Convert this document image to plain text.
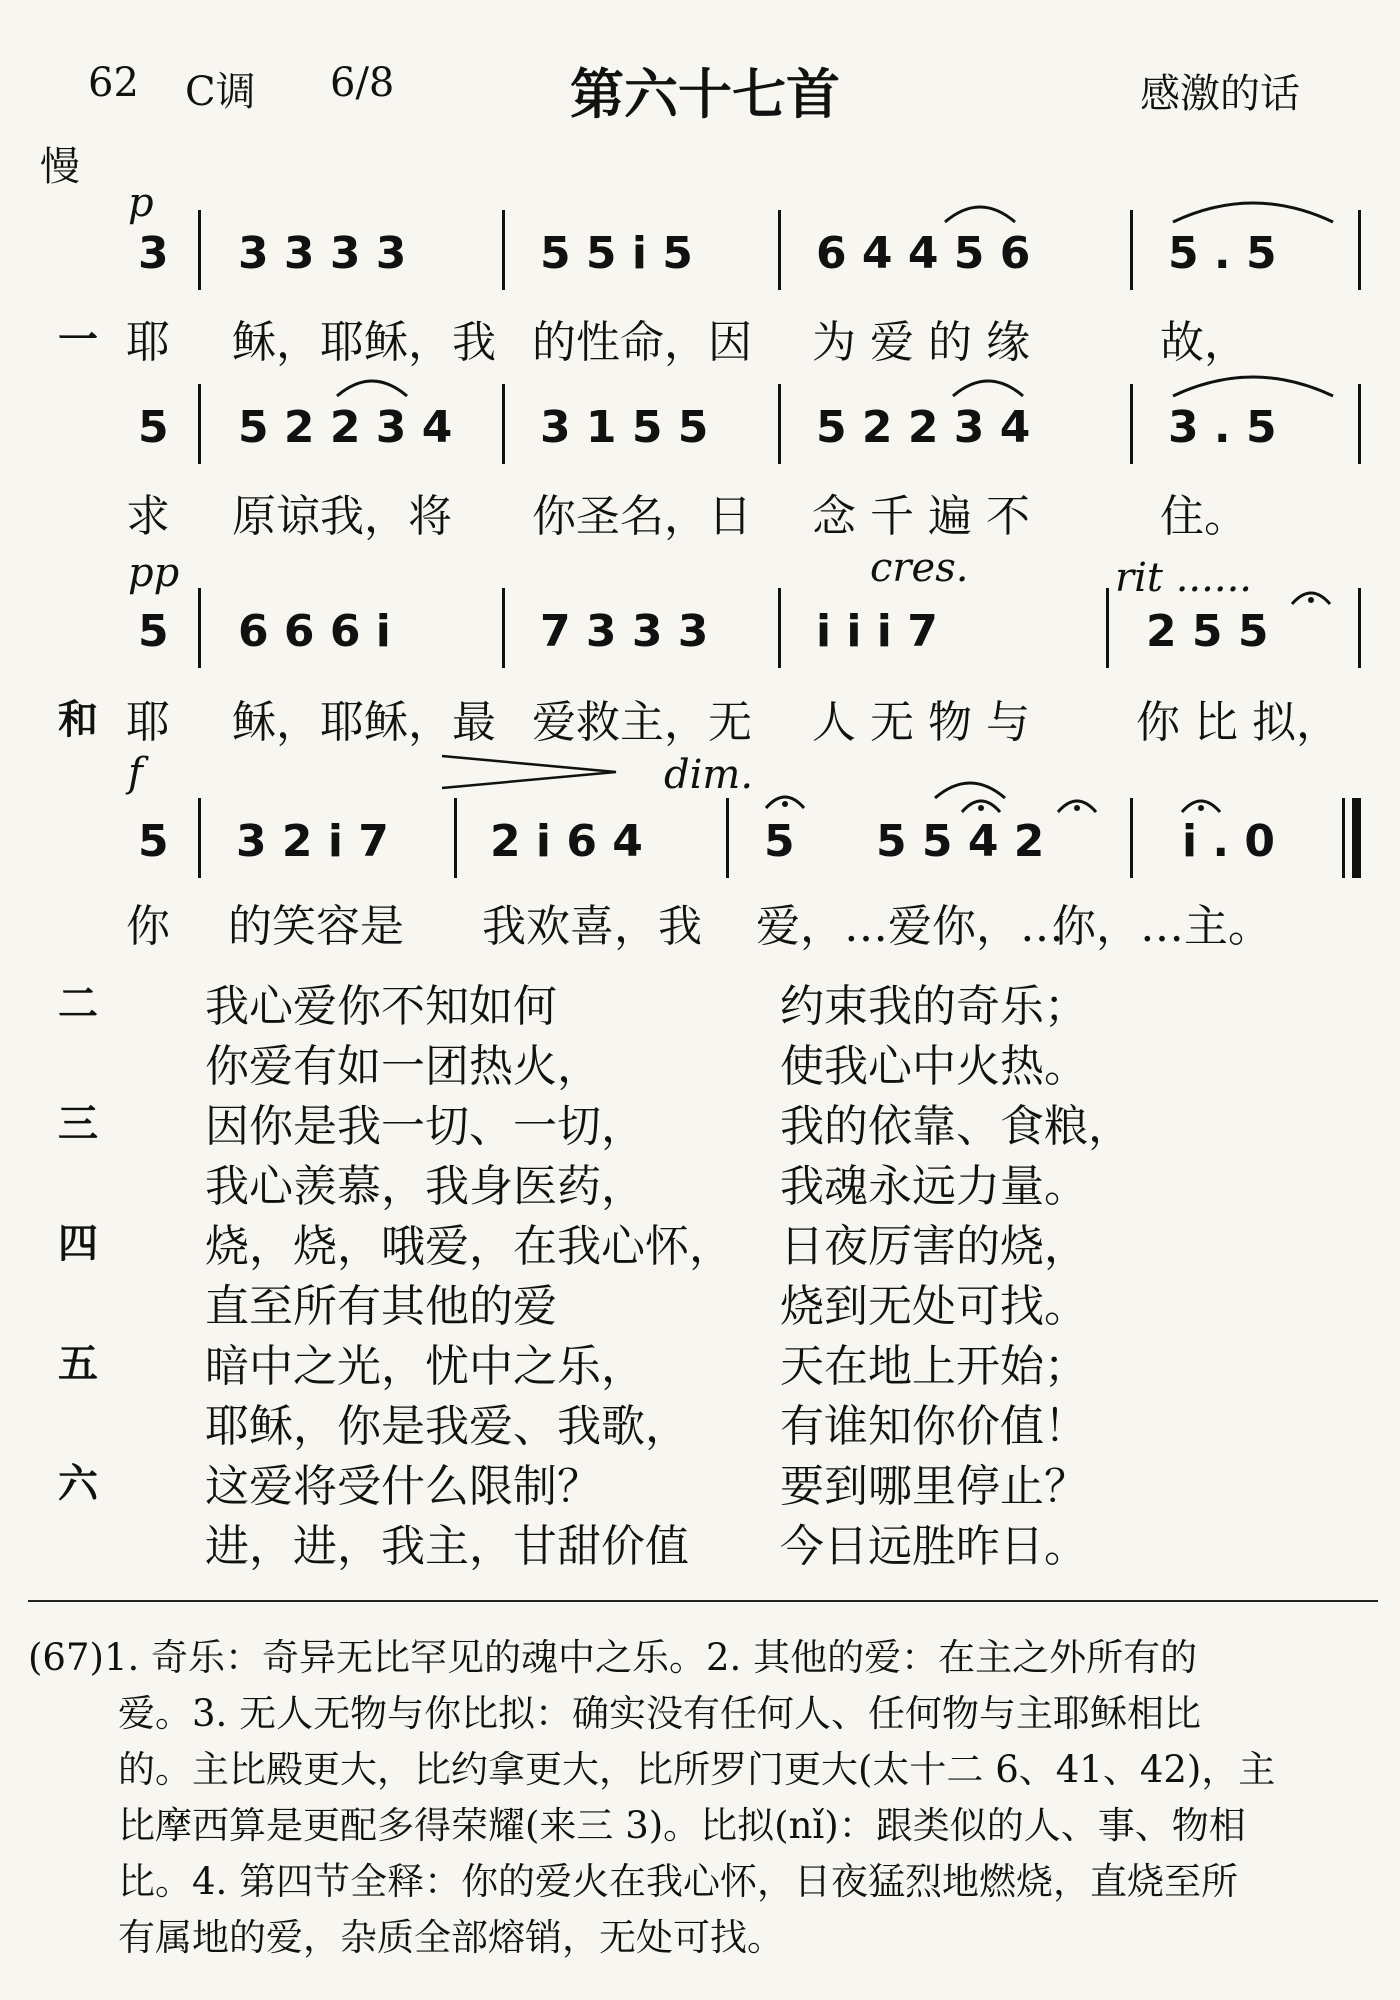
62 C调 6/8	第六十七首	感激的话
慢
p
3 3 3 3 3	5 5 i 5	6 4 4 5 6	5 . 5
一 耶 稣，耶稣，我 的性命，因 为 爱 的 缘	故，
5 5 2 2 3 4 3 1 5 5 5 2 2 3 4	3 . 5
求 原谅我，将 你圣名，日 念 千 遍 不	住。
pp	cres.	rit ......
5 6 6 6 i	7 3 3 3 i i i 7	2 5 5
和 耶 稣，耶稣，最 爱救主，无 人 无 物 与 你 比 拟，
f	dim.
5 3 2 i 7 2 i 6 4	5 5 5 4 2	i . 0
你 的笑容是 我欢喜，我 爱，…爱你，…
你，…主。
二 我心爱你不知如何	约束我的奇乐；
你爱有如一团热火，	使我心中火热。
三 因你是我一切、一切，	我的依靠、食粮，
我心羡慕，我身医药，	我魂永远力量。
四 烧，烧，哦爱，在我心怀， 日夜厉害的烧，
直至所有其他的爱	烧到无处可找。
五 暗中之光，忧中之乐，	天在地上开始；
耶稣，你是我爱、我歌， 有谁知你价值！
六 这爱将受什么限制？	要到哪里停止？
进，进，我主，甘甜价值 今日远胜昨日。
(67)1. 奇乐：奇异无比罕见的魂中之乐。2. 其他的爱：在主之外所有的
爱。3. 无人无物与你比拟：确实没有任何人、任何物与主耶稣相比
的。主比殿更大，比约拿更大，比所罗门更大(太十二 6、41、42)，主
比摩西算是更配多得荣耀(来三 3)。比拟(nǐ)：跟类似的人、事、物相
比。4. 第四节全释：你的爱火在我心怀，日夜猛烈地燃烧，直烧至所
有属地的爱，杂质全部熔销，无处可找。
